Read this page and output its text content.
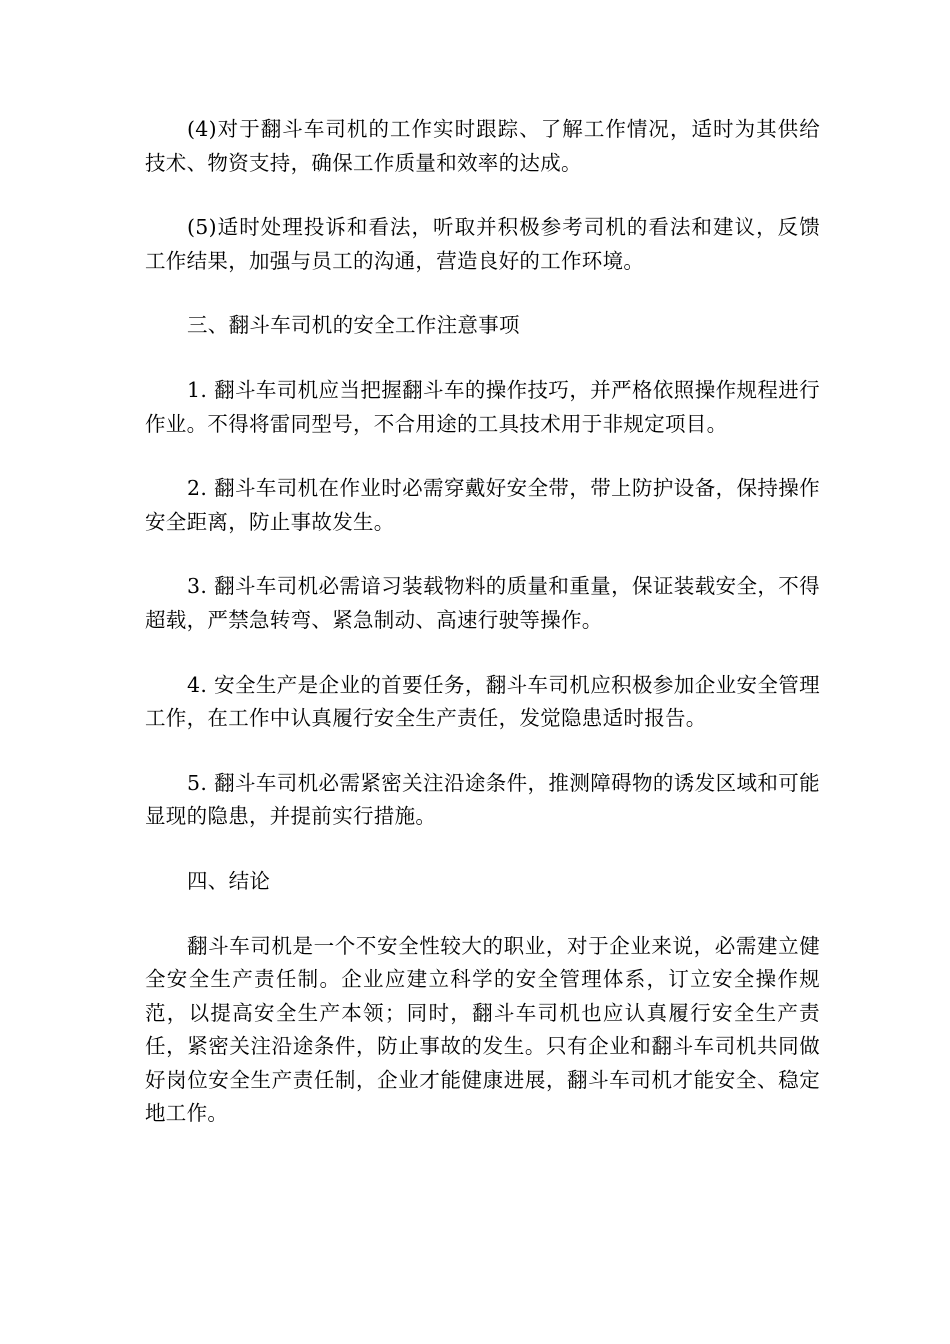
(4)对于翻斗车司机的工作实时跟踪、了解工作情况，适时为其供给技术、物资支持，确保工作质量和效率的达成。

(5)适时处理投诉和看法，听取并积极参考司机的看法和建议，反馈工作结果，加强与员工的沟通，营造良好的工作环境。

三、翻斗车司机的安全工作注意事项

1. 翻斗车司机应当把握翻斗车的操作技巧，并严格依照操作规程进行作业。不得将雷同型号，不合用途的工具技术用于非规定项目。

2. 翻斗车司机在作业时必需穿戴好安全带，带上防护设备，保持操作安全距离，防止事故发生。

3. 翻斗车司机必需谙习装载物料的质量和重量，保证装载安全，不得超载，严禁急转弯、紧急制动、高速行驶等操作。

4. 安全生产是企业的首要任务，翻斗车司机应积极参加企业安全管理工作，在工作中认真履行安全生产责任，发觉隐患适时报告。

5. 翻斗车司机必需紧密关注沿途条件，推测障碍物的诱发区域和可能显现的隐患，并提前实行措施。

四、结论

翻斗车司机是一个不安全性较大的职业，对于企业来说，必需建立健全安全生产责任制。企业应建立科学的安全管理体系，订立安全操作规范，以提高安全生产本领；同时，翻斗车司机也应认真履行安全生产责任，紧密关注沿途条件，防止事故的发生。只有企业和翻斗车司机共同做好岗位安全生产责任制，企业才能健康进展，翻斗车司机才能安全、稳定地工作。
